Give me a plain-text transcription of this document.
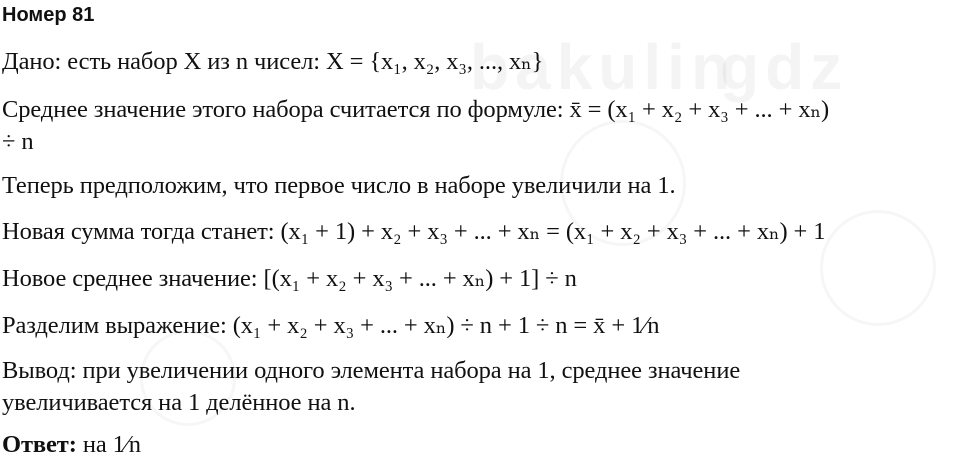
bakulin
gdz
Номер 81
Дано: есть набор X из n чисел: X = {x₁, x₂, x₃, ..., xₙ}
Среднее значение этого набора считается по формуле: x̄ = (x₁ + x₂ + x₃ + ... + xₙ)
÷ n
Теперь предположим, что первое число в наборе увеличили на 1.
Новая сумма тогда станет: (x₁ + 1) + x₂ + x₃ + ... + xₙ = (x₁ + x₂ + x₃ + ... + xₙ) + 1
Новое среднее значение: [(x₁ + x₂ + x₃ + ... + xₙ) + 1] ÷ n
Разделим выражение: (x₁ + x₂ + x₃ + ... + xₙ) ÷ n + 1 ÷ n = x̄ + 1⁄n
Вывод: при увеличении одного элемента набора на 1, среднее значение
увеличивается на 1 делённое на n.
Ответ: на 1⁄n
